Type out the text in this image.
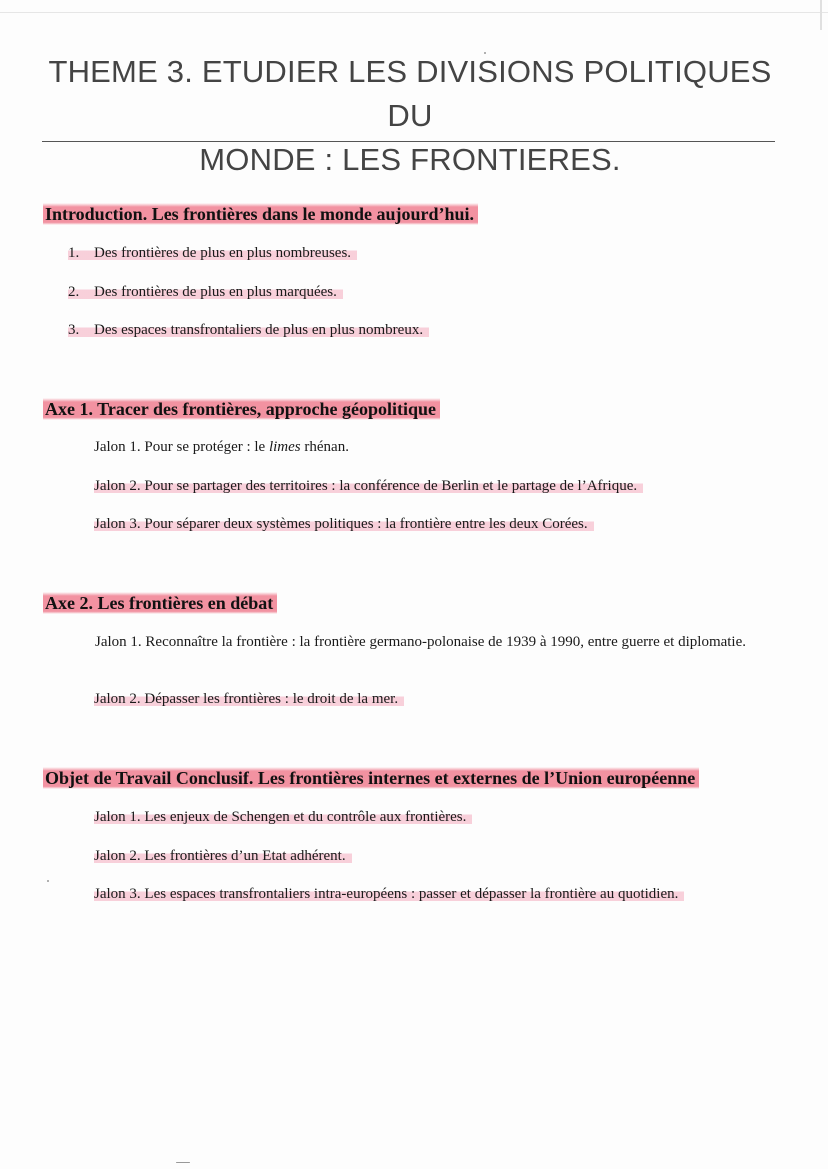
THEME 3. ETUDIER LES DIVISIONS POLITIQUES DU
MONDE : LES FRONTIERES.
Introduction. Les frontières dans le monde aujourd’hui.
1. Des frontières de plus en plus nombreuses.
2. Des frontières de plus en plus marquées.
3. Des espaces transfrontaliers de plus en plus nombreux.
Axe 1. Tracer des frontières, approche géopolitique
Jalon 1. Pour se protéger : le limes rhénan.
Jalon 2. Pour se partager des territoires : la conférence de Berlin et le partage de l’Afrique.
Jalon 3. Pour séparer deux systèmes politiques : la frontière entre les deux Corées.
Axe 2. Les frontières en débat
Jalon 1. Reconnaître la frontière : la frontière germano-polonaise de 1939 à 1990, entre guerre et diplomatie.
Jalon 2. Dépasser les frontières : le droit de la mer.
Objet de Travail Conclusif. Les frontières internes et externes de l’Union européenne
Jalon 1. Les enjeux de Schengen et du contrôle aux frontières.
Jalon 2. Les frontières d’un Etat adhérent.
Jalon 3. Les espaces transfrontaliers intra-européens : passer et dépasser la frontière au quotidien.
